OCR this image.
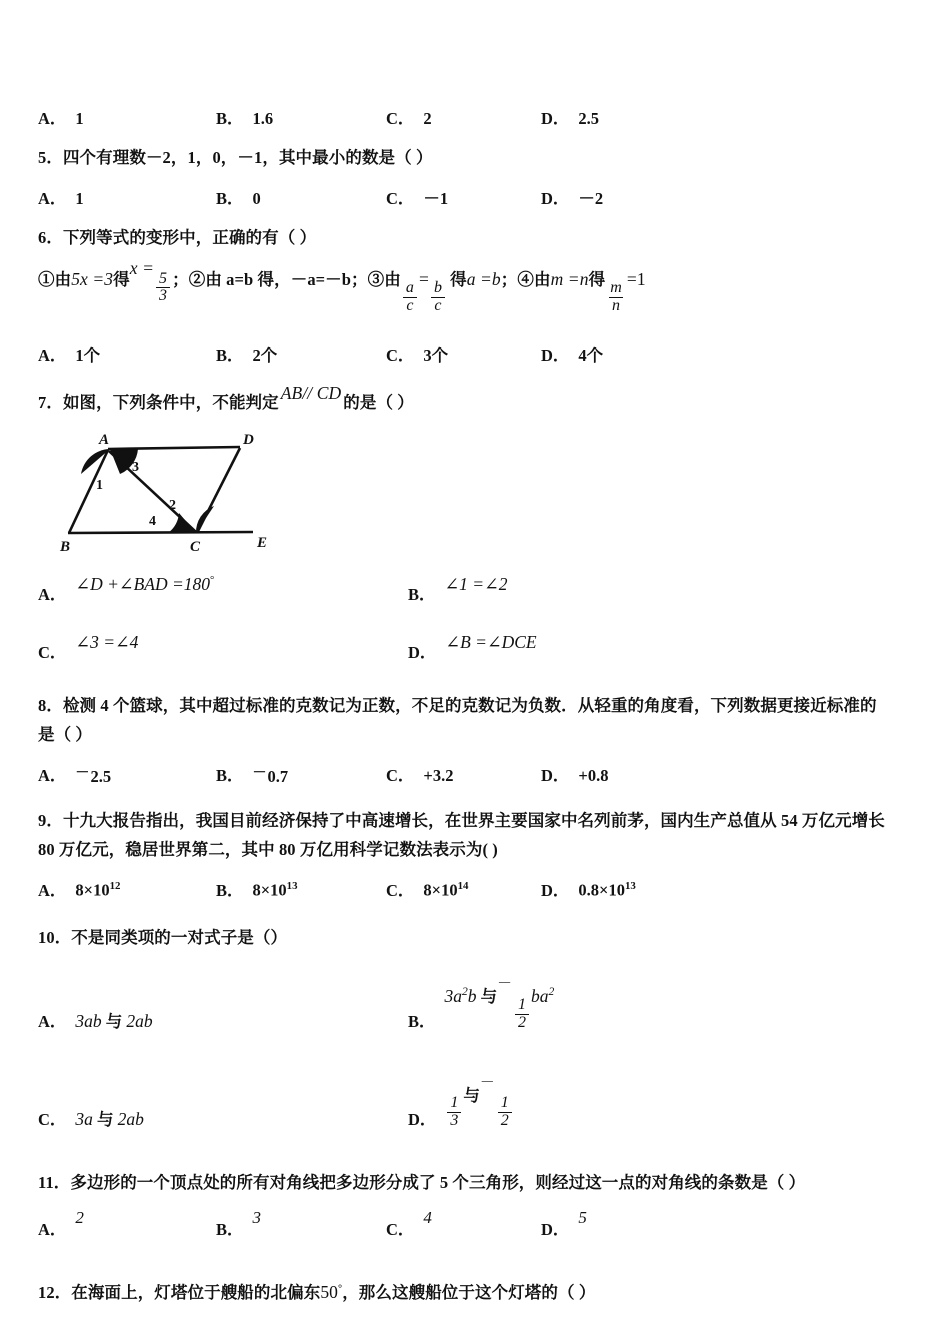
A． 1	B． 1.6	C． 2	D． 2.5

5．四个有理数－2，1，0，－1，其中最小的数是（ ）

A． 1	B． 0	C． －1	D． －2

6．下列等式的变形中，正确的有（ ）

①由5x =3得x =
$\frac{5}{3}$ ；②由 a=b 得，－a=－b；③由
$\frac{a}{c}$
=
$\frac{b}{c}$
得a =b；④由m =n得
$\frac{m}{n}$
=1
A． 1个	B． 2个	C． 3个	D． 4个

7．如图，下列条件中，不能判定 AB// CD 的是（ ）

A
B	C
D
E
1
2
3
4
A．
∠D +∠BAD =180°
B．
∠1 =∠2
C．
∠3 =∠4
D．
∠B =∠DCE

8．检测 4 个篮球，其中超过标准的克数记为正数，不足的克数记为负数．从轻重的角度看，下列数据更接近标准的

是（ ）

A． －2.5	B． －0.7	C． +3.2	D． +0.8

9．十九大报告指出，我国目前经济保持了中高速增长，在世界主要国家中名列前茅，国内生产总值从 54 万亿元增长

80 万亿元，稳居世界第二，其中 80 万亿用科学记数法表示为( )

A． $8\times 10^{12}$	B． $8\times 10^{13}$	C． $8\times 10^{14}$	D． $0.8\times 10^{13}$

10．不是同类项的一对式子是（）

A． 3ab 与 2ab	B．
$3a^2b$ 与－
$\frac{1}{2}$
$ba^2$
C． 3a 与 2ab	D． $\frac{1}{3}$
与－
$\frac{1}{2}$

11．多边形的一个顶点处的所有对角线把多边形分成了 5 个三角形，则经过这一点的对角线的条数是（ ）

A．
2
B．
3
C．
4
D．
5

12．在海面上，灯塔位于艘船的北偏东50°，那么这艘船位于这个灯塔的（ ）
